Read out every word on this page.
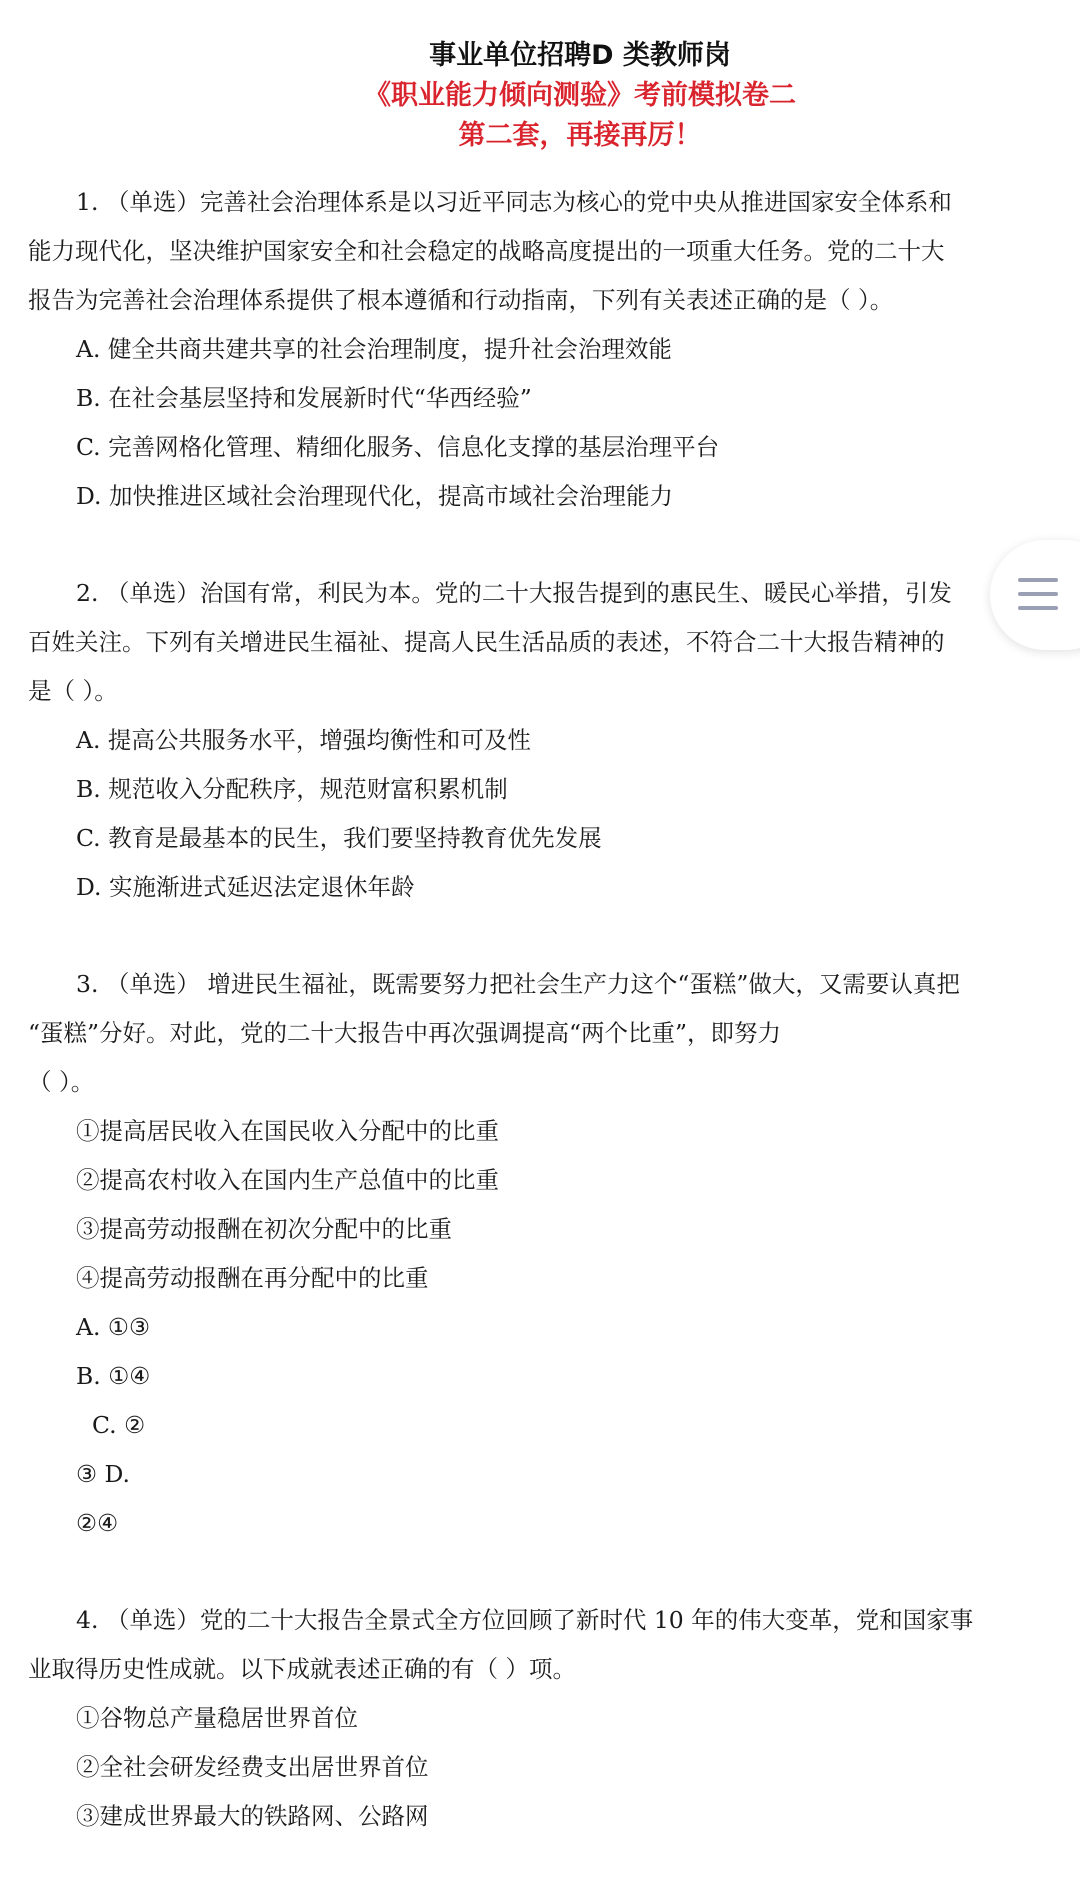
事业单位招聘D 类教师岗
《职业能力倾向测验》考前模拟卷二
第二套，再接再厉！
1. （单选）完善社会治理体系是以习近平同志为核心的党中央从推进国家安全体系和
能力现代化，坚决维护国家安全和社会稳定的战略高度提出的一项重大任务。党的二十大
报告为完善社会治理体系提供了根本遵循和行动指南，下列有关表述正确的是（ ）。
A. 健全共商共建共享的社会治理制度，提升社会治理效能
B. 在社会基层坚持和发展新时代“华西经验”
C. 完善网格化管理、精细化服务、信息化支撑的基层治理平台
D. 加快推进区域社会治理现代化，提高市域社会治理能力
2. （单选）治国有常，利民为本。党的二十大报告提到的惠民生、暖民心举措，引发
百姓关注。下列有关增进民生福祉、提高人民生活品质的表述，不符合二十大报告精神的
是（ ）。
A. 提高公共服务水平，增强均衡性和可及性
B. 规范收入分配秩序，规范财富积累机制
C. 教育是最基本的民生，我们要坚持教育优先发展
D. 实施渐进式延迟法定退休年龄
3. （单选） 增进民生福祉，既需要努力把社会生产力这个“蛋糕”做大，又需要认真把
“蛋糕”分好。对此，党的二十大报告中再次强调提高“两个比重”，即努力
（ ）。
①提高居民收入在国民收入分配中的比重
②提高农村收入在国内生产总值中的比重
③提高劳动报酬在初次分配中的比重
④提高劳动报酬在再分配中的比重
A. ①③
B. ①④
C. ②
③ D.
②④
4. （单选）党的二十大报告全景式全方位回顾了新时代 10 年的伟大变革，党和国家事
业取得历史性成就。以下成就表述正确的有（ ）项。
①谷物总产量稳居世界首位
②全社会研发经费支出居世界首位
③建成世界最大的铁路网、公路网
